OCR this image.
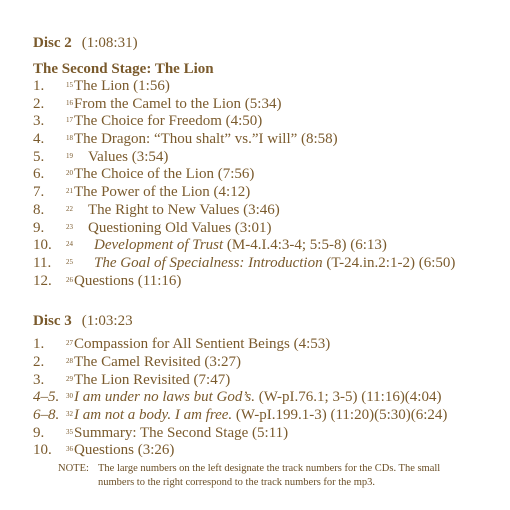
Disc 2 (1:08:31)
The Second Stage: The Lion
1.	$^{15}$The Lion (1:56)
2.	$^{16}$From the Camel to the Lion (5:34)
3.	$^{17}$The Choice for Freedom (4:50)
4.	$^{18}$The Dragon: “Thou shalt” vs.”I will” (8:58)
5.	$^{19}$ Values (3:54)
6.	$^{20}$The Choice of the Lion (7:56)
7.	$^{21}$The Power of the Lion (4:12)
8.	$^{22}$ The Right to New Values (3:46)
9.	$^{23}$ Questioning Old Values (3:01)
10. $^{24}$ Development of Trust (M-4.I.4:3-4; 5:5-8) (6:13)
11. $^{25}$ The Goal of Specialness: Introduction (T-24.in.2:1-2) (6:50)
12. $^{26}$Questions (11:16)
Disc 3 (1:03:23
1.	$^{27}$Compassion for All Sentient Beings (4:53)
2.	$^{28}$The Camel Revisited (3:27)
3.	$^{29}$The Lion Revisited (7:47)
4–5. $^{30}$I am under no laws but God’s. (W-pI.76.1; 3-5) (11:16)(4:04)
6–8. $^{32}$I am not a body. I am free. (W-pI.199.1-3) (11:20)(5:30)(6:24)
9.	$^{35}$Summary: The Second Stage (5:11)
10. $^{36}$Questions (3:26)
NOTE: The large numbers on the left designate the track numbers for the CDs. The small numbers to the right correspond to the track numbers for the mp3.
